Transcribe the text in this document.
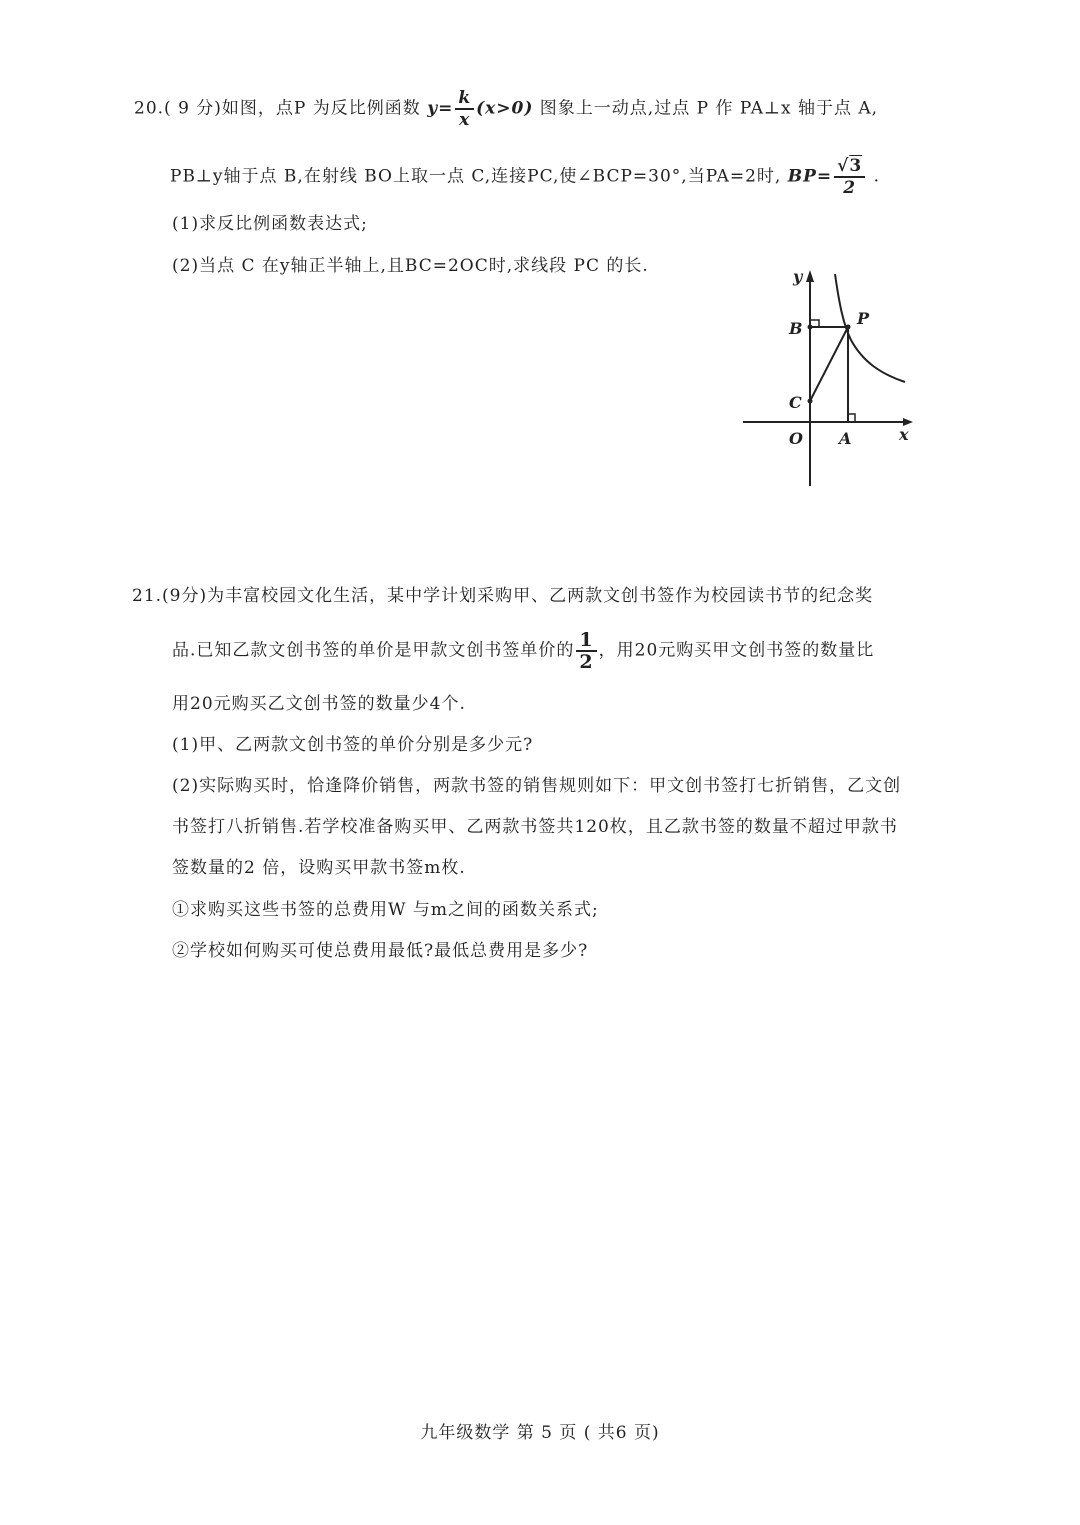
20.( 9 分)如图，点P 为反比例函数 $y= \frac{k}{x} (x>0)$ 图象上一动点,过点 P 作 PA⊥x 轴于点 A,
PB⊥y轴于点 B,在射线 BO上取一点 C,连接PC,使∠BCP=30°,当PA=2时, $BP= \frac{√3}{2}$ .
(1)求反比例函数表达式;
(2)当点 C 在y轴正半轴上,且BC=2OC时,求线段 PC 的长.
y
x
O A
B
C
P
21.(9分)为丰富校园文化生活，某中学计划采购甲、乙两款文创书签作为校园读书节的纪念奖
品.已知乙款文创书签的单价是甲款文创书签单价的 $\frac{1}{2}$ ，用20元购买甲文创书签的数量比
用20元购买乙文创书签的数量少4个.
(1)甲、乙两款文创书签的单价分别是多少元?
(2)实际购买时，恰逢降价销售，两款书签的销售规则如下：甲文创书签打七折销售，乙文创
书签打八折销售.若学校准备购买甲、乙两款书签共120枚，且乙款书签的数量不超过甲款书
签数量的2 倍，设购买甲款书签m枚.
①求购买这些书签的总费用W 与m之间的函数关系式;
②学校如何购买可使总费用最低?最低总费用是多少?
九年级数学 第 5 页 ( 共6 页)
